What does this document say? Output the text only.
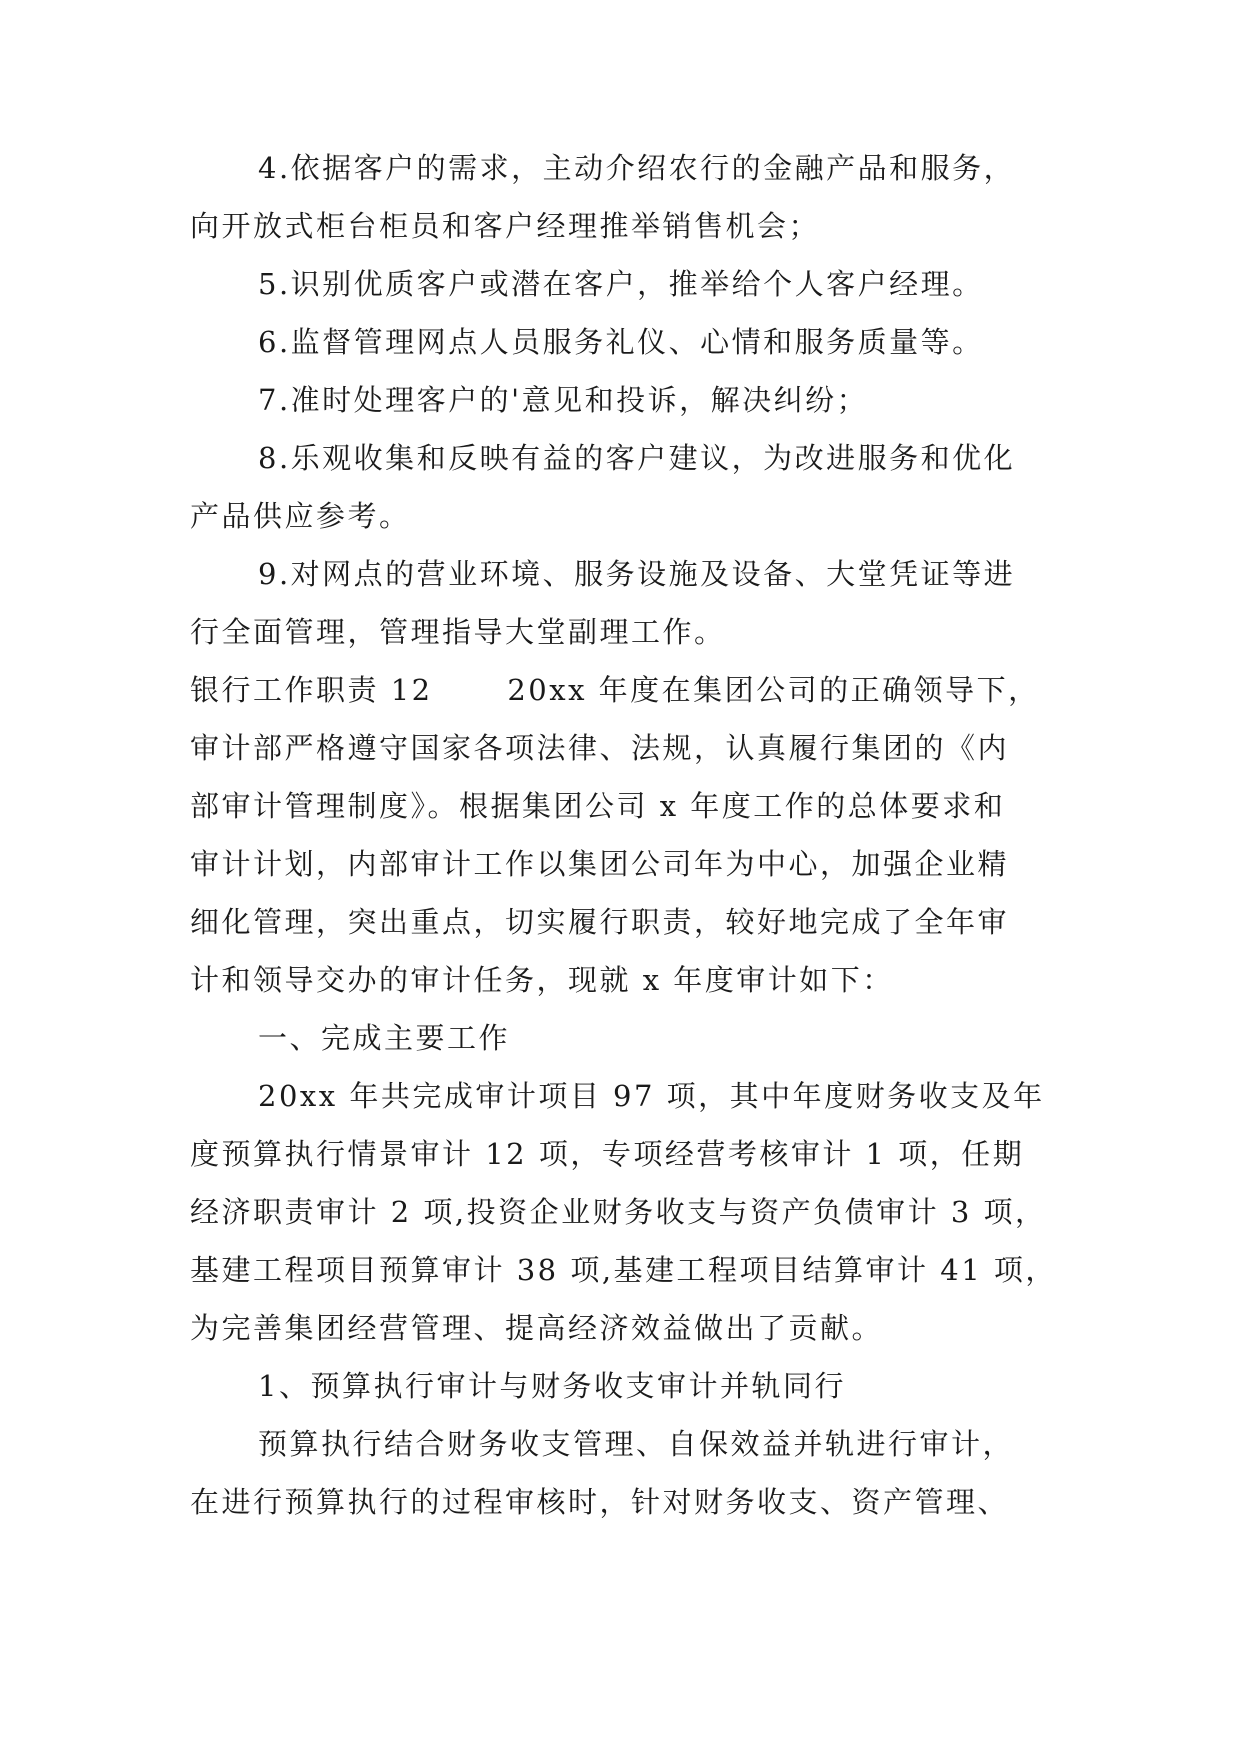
4.依据客户的需求，主动介绍农行的金融产品和服务，
向开放式柜台柜员和客户经理推举销售机会；
5.识别优质客户或潜在客户，推举给个人客户经理。
6.监督管理网点人员服务礼仪、心情和服务质量等。
7.准时处理客户的'意见和投诉，解决纠纷；
8.乐观收集和反映有益的客户建议，为改进服务和优化
产品供应参考。
9.对网点的营业环境、服务设施及设备、大堂凭证等进
行全面管理，管理指导大堂副理工作。
银行工作职责 12　　 20xx 年度在集团公司的正确领导下，
审计部严格遵守国家各项法律、法规，认真履行集团的《内
部审计管理制度》。根据集团公司 x 年度工作的总体要求和
审计计划，内部审计工作以集团公司年为中心，加强企业精
细化管理，突出重点，切实履行职责，较好地完成了全年审
计和领导交办的审计任务，现就 x 年度审计如下：
一、完成主要工作
20xx 年共完成审计项目 97 项，其中年度财务收支及年
度预算执行情景审计 12 项，专项经营考核审计 1 项，任期
经济职责审计 2 项,投资企业财务收支与资产负债审计 3 项，
基建工程项目预算审计 38 项,基建工程项目结算审计 41 项，
为完善集团经营管理、提高经济效益做出了贡献。
1、预算执行审计与财务收支审计并轨同行
预算执行结合财务收支管理、自保效益并轨进行审计，
在进行预算执行的过程审核时，针对财务收支、资产管理、
